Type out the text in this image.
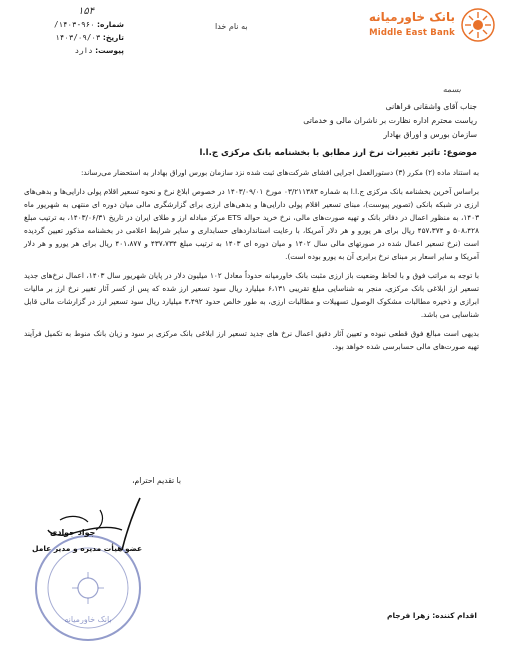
بانک خاورمیانه
Middle East Bank
به نام خدا
۱۵۴
شماره: ۹۶۰-۱۴۰۳/
تاریخ: ۱۴۰۳/۰۹/۰۳
پیوست: دارد
بسمه
جناب آقای واشقانی فراهانی
ریاست محترم اداره نظارت بر ناشران مالی و خدماتی
سازمان بورس و اوراق بهادار
موضوع: تاثیر تغییرات نرخ ارز مطابق با بخشنامه بانک مرکزی ج.ا.ا

به استناد ماده (۲) مکرر (۳) دستورالعمل اجرایی افشای شرکت‌های ثبت شده نزد سازمان بورس اوراق بهادار به استحضار می‌رساند:

براساس آخرین بخشنامه بانک مرکزی ج.ا.ا به شماره ۰۳/۲۱۱۳۸۳ مورخ ۱۴۰۳/۰۹/۰۱ در خصوص ابلاغ نرخ و نحوه تسعیر اقلام پولی دارایی‌ها و بدهی‌های ارزی در شبکه بانکی (تصویر پیوست)، مبنای تسعیر اقلام پولی دارایی‌ها و بدهی‌های ارزی برای گزارشگری مالی میان دوره ای منتهی به شهریور ماه ۱۴۰۳، به منظور اعمال در دفاتر بانک و تهیه صورت‌های مالی، نرخ خرید حواله ETS مرکز مبادله ارز و طلای ایران در تاریخ ۱۴۰۳/۰۶/۳۱، به ترتیب مبلغ ۵۰۸،۴۲۸ و ۴۵۷،۳۷۴ ریال برای هر یورو و هر دلار آمریکا، با رعایت استانداردهای حسابداری و سایر شرایط اعلامی در بخشنامه مذکور تعیین گردیده است (نرخ تسعیر اعمال شده در صورتهای مالی سال ۱۴۰۲ و میان دوره ای ۱۴۰۳ به ترتیب مبلغ ۴۳۷،۷۳۴ و ۴۰۱،۸۷۷ ریال برای هر یورو و هر دلار آمریکا و سایر اسعار بر مبنای نرخ برابری آن به یورو بوده است).

با توجه به مراتب فوق و با لحاظ وضعیت باز ارزی مثبت بانک خاورمیانه حدوداً معادل ۱۰۲ میلیون دلار در پایان شهریور سال ۱۴۰۳، اعمال نرخ‌های جدید تسعیر ارز ابلاغی بانک مرکزی، منجر به شناسایی مبلغ تقریبی ۶،۱۳۱ میلیارد ریال سود تسعیر ارز شده که پس از کسر آثار تغییر نرخ ارز بر مالیات ابرازی و ذخیره مطالبات مشکوک الوصول تسهیلات و مطالبات ارزی، به طور خالص حدود ۳،۴۹۲ میلیارد ریال سود تسعیر ارز در گزارشات مالی قابل شناسایی می باشد.

بدیهی است مبالغ فوق قطعی نبوده و تعیین آثار دقیق اعمال نرخ های جدید تسعیر ارز ابلاغی بانک مرکزی بر سود و زیان بانک منوط به تکمیل فرآیند تهیه صورت‌های مالی حسابرسی شده خواهد بود.

با تقدیم احترام،
بانک خاورمیانه
جواد جوادی
عضو هیأت مدیره و مدیر عامل
اقدام کننده: زهرا فرجام
